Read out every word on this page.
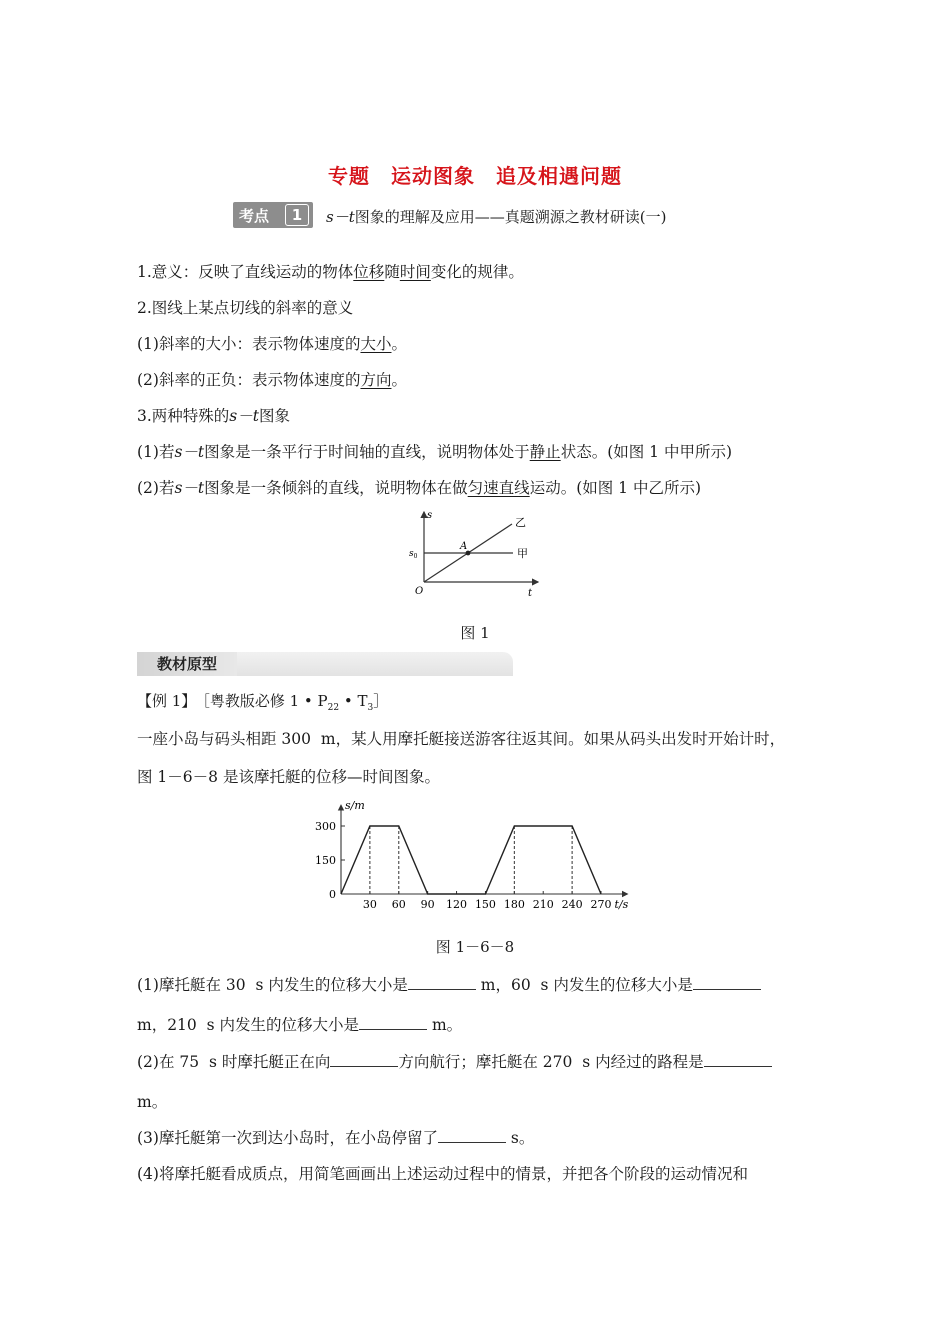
专题　运动图象　追及相遇问题
考点	1	s－t图象的理解及应用——真题溯源之教材研读(一)
1.意义：反映了直线运动的物体位移随时间变化的规律。
2.图线上某点切线的斜率的意义
(1)斜率的大小：表示物体速度的大小。
(2)斜率的正负：表示物体速度的方向。
3.两种特殊的s－t图象
(1)若s－t图象是一条平行于时间轴的直线，说明物体处于静止状态。(如图 1 中甲所示)
(2)若s－t图象是一条倾斜的直线，说明物体在做匀速直线运动。(如图 1 中乙所示)
s
t
O
$s_0$
A
甲
乙
图 1
教材原型
【例 1】 ［粤教版必修 1 • $P_{22}$ • $T_3]$
一座小岛与码头相距 300  m，某人用摩托艇接送游客往返其间。如果从码头出发时开始计时，
图 1－6－8 是该摩托艇的位移—时间图象。
s/m
t/s
0
150
300
30 60 90 120 150 180 210 240 270
图 1－6－8
(1)摩托艇在 30  s 内发生的位移大小是	m，60  s 内发生的位移大小是
m，210  s 内发生的位移大小是	m。
(2)在 75  s 时摩托艇正在向	方向航行；摩托艇在 270  s 内经过的路程是
m。
(3)摩托艇第一次到达小岛时，在小岛停留了	s。
(4)将摩托艇看成质点，用简笔画画出上述运动过程中的情景，并把各个阶段的运动情况和
